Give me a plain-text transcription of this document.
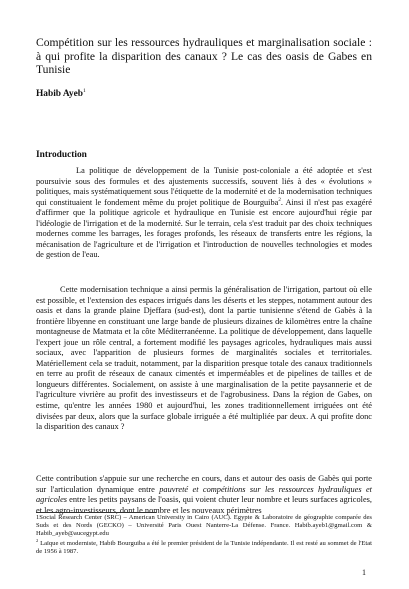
Compétition sur les ressources hydrauliques et marginalisation sociale : à qui profite la disparition des canaux ? Le cas des oasis de Gabes en Tunisie

Habib Ayeb$^1$

Introduction

La politique de développement de la Tunisie post-coloniale a été adoptée et s'est poursuivie sous des formules et des ajustements successifs, souvent liés à des « évolutions » politiques, mais systématiquement sous l'étiquette de la modernité et de la modernisation techniques qui constituaient le fondement même du projet politique de Bourguiba$^2$. Ainsi il n'est pas exagéré d'affirmer que la politique agricole et hydraulique en Tunisie est encore aujourd'hui régie par l'idéologie de l'irrigation et de la modernité. Sur le terrain, cela s'est traduit par des choix techniques modernes comme les barrages, les forages profonds, les réseaux de transferts entre les régions, la mécanisation de l'agriculture et de l'irrigation et l'introduction de nouvelles technologies et modes de gestion de l'eau.

Cette modernisation technique a ainsi permis la généralisation de l'irrigation, partout où elle est possible, et l'extension des espaces irrigués dans les déserts et les steppes, notamment autour des oasis et dans la grande plaine Djeffara (sud-est), dont la partie tunisienne s'étend de Gabès à la frontière libyenne en constituant une large bande de plusieurs dizaines de kilomètres entre la chaîne montagneuse de Matmata et la côte Méditerranéenne. La politique de développement, dans laquelle l'expert joue un rôle central, a fortement modifié les paysages agricoles, hydrauliques mais aussi sociaux, avec l'apparition de plusieurs formes de marginalités sociales et territoriales. Matériellement cela se traduit, notamment, par la disparition presque totale des canaux traditionnels en terre au profit de réseaux de canaux cimentés et imperméables et de pipelines de tailles et de longueurs différentes. Socialement, on assiste à une marginalisation de la petite paysannerie et de l'agriculture vivrière au profit des investisseurs et de l'agrobusiness. Dans la région de Gabes, on estime, qu'entre les années 1980 et aujourd'hui, les zones traditionnellement irriguées ont été divisées par deux, alors que la surface globale irriguée a été multipliée par deux. A qui profite donc la disparition des canaux ?

Cette contribution s'appuie sur une recherche en cours, dans et autour des oasis de Gabès qui porte sur l'articulation dynamique entre pauvreté et compétitions sur les ressources hydrauliques et agricoles entre les petits paysans de l'oasis, qui voient chuter leur nombre et leurs surfaces agricoles, et les agro-investisseurs, dont le nombre et les nouveaux périmètres

1Social Research Center (SRC) – American University in Cairo (AUC). Egypte & Laboratoire de géographie comparée des Suds et des Nords (GECKO) – Université Paris Ouest Nanterre-La Défense. France. Habib.ayeb1@gmail.com & Habib_ayeb@aucegypt.edu

$^2$ Laïque et moderniste, Habib Bourguiba a été le premier président de la Tunisie indépendante. Il est resté au sommet de l'Etat de 1956 à 1987.

1
